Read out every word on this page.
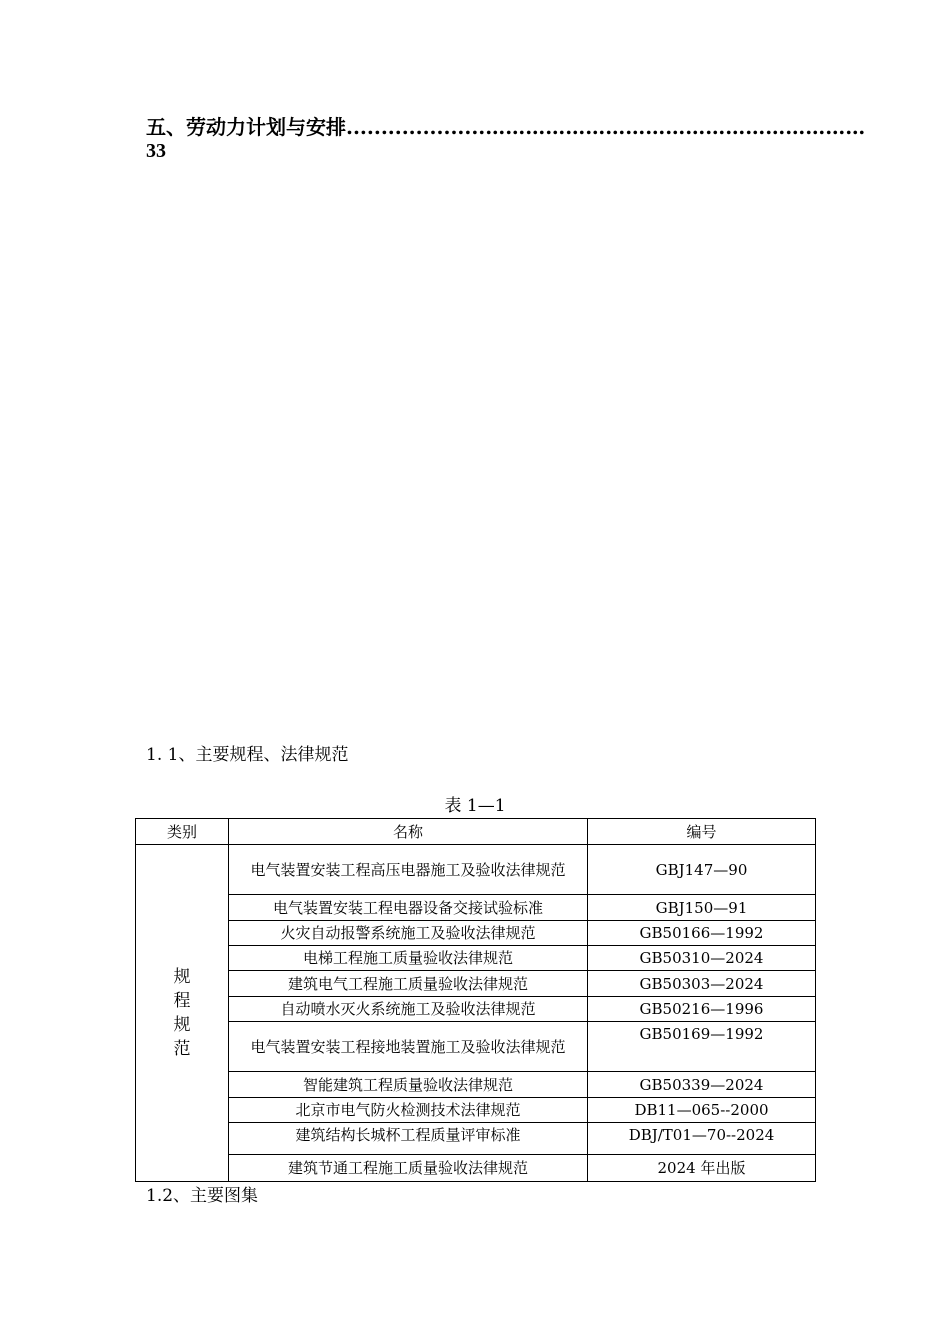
五、劳动力计划与安排....................…………………………………………………
33
1. 1、主要规程、法律规范
表 1—1
类别	名称	编号

规
程
规
范	电气装置安装工程高压电器施工及验收法律规范	GBJ147—90
	电气装置安装工程电器设备交接试验标准	GBJ150—91
	火灾自动报警系统施工及验收法律规范	GB50166—1992
	电梯工程施工质量验收法律规范	GB50310—2024
	建筑电气工程施工质量验收法律规范	GB50303—2024
	自动喷水灭火系统施工及验收法律规范	GB50216—1996
	电气装置安装工程接地装置施工及验收法律规范	GB50169—1992
	智能建筑工程质量验收法律规范	GB50339—2024
	北京市电气防火检测技术法律规范	DB11—065--2000
	建筑结构长城杯工程质量评审标准	DBJ/T01—70--2024
	建筑节通工程施工质量验收法律规范	2024 年出版
1.2、主要图集
